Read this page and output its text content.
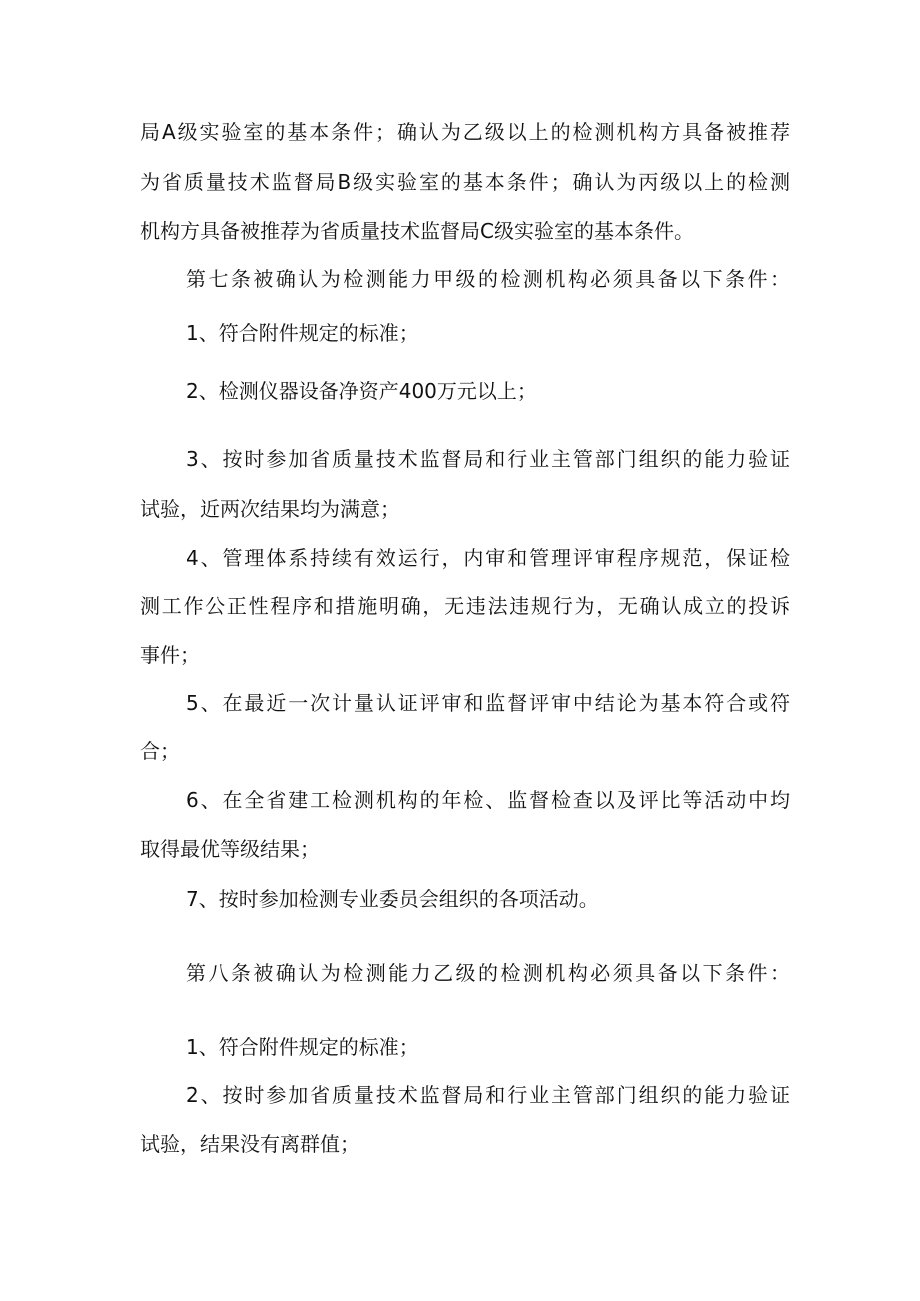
局A级实验室的基本条件；确认为乙级以上的检测机构方具备被推荐
为省质量技术监督局B级实验室的基本条件；确认为丙级以上的检测
机构方具备被推荐为省质量技术监督局C级实验室的基本条件。
第七条被确认为检测能力甲级的检测机构必须具备以下条件：
1、符合附件规定的标准；
2、检测仪器设备净资产400万元以上；
3、按时参加省质量技术监督局和行业主管部门组织的能力验证
试验，近两次结果均为满意；
4、管理体系持续有效运行，内审和管理评审程序规范，保证检
测工作公正性程序和措施明确，无违法违规行为，无确认成立的投诉
事件；
5、在最近一次计量认证评审和监督评审中结论为基本符合或符
合；
6、在全省建工检测机构的年检、监督检查以及评比等活动中均
取得最优等级结果；
7、按时参加检测专业委员会组织的各项活动。
第八条被确认为检测能力乙级的检测机构必须具备以下条件：
1、符合附件规定的标准；
2、按时参加省质量技术监督局和行业主管部门组织的能力验证
试验，结果没有离群值；
